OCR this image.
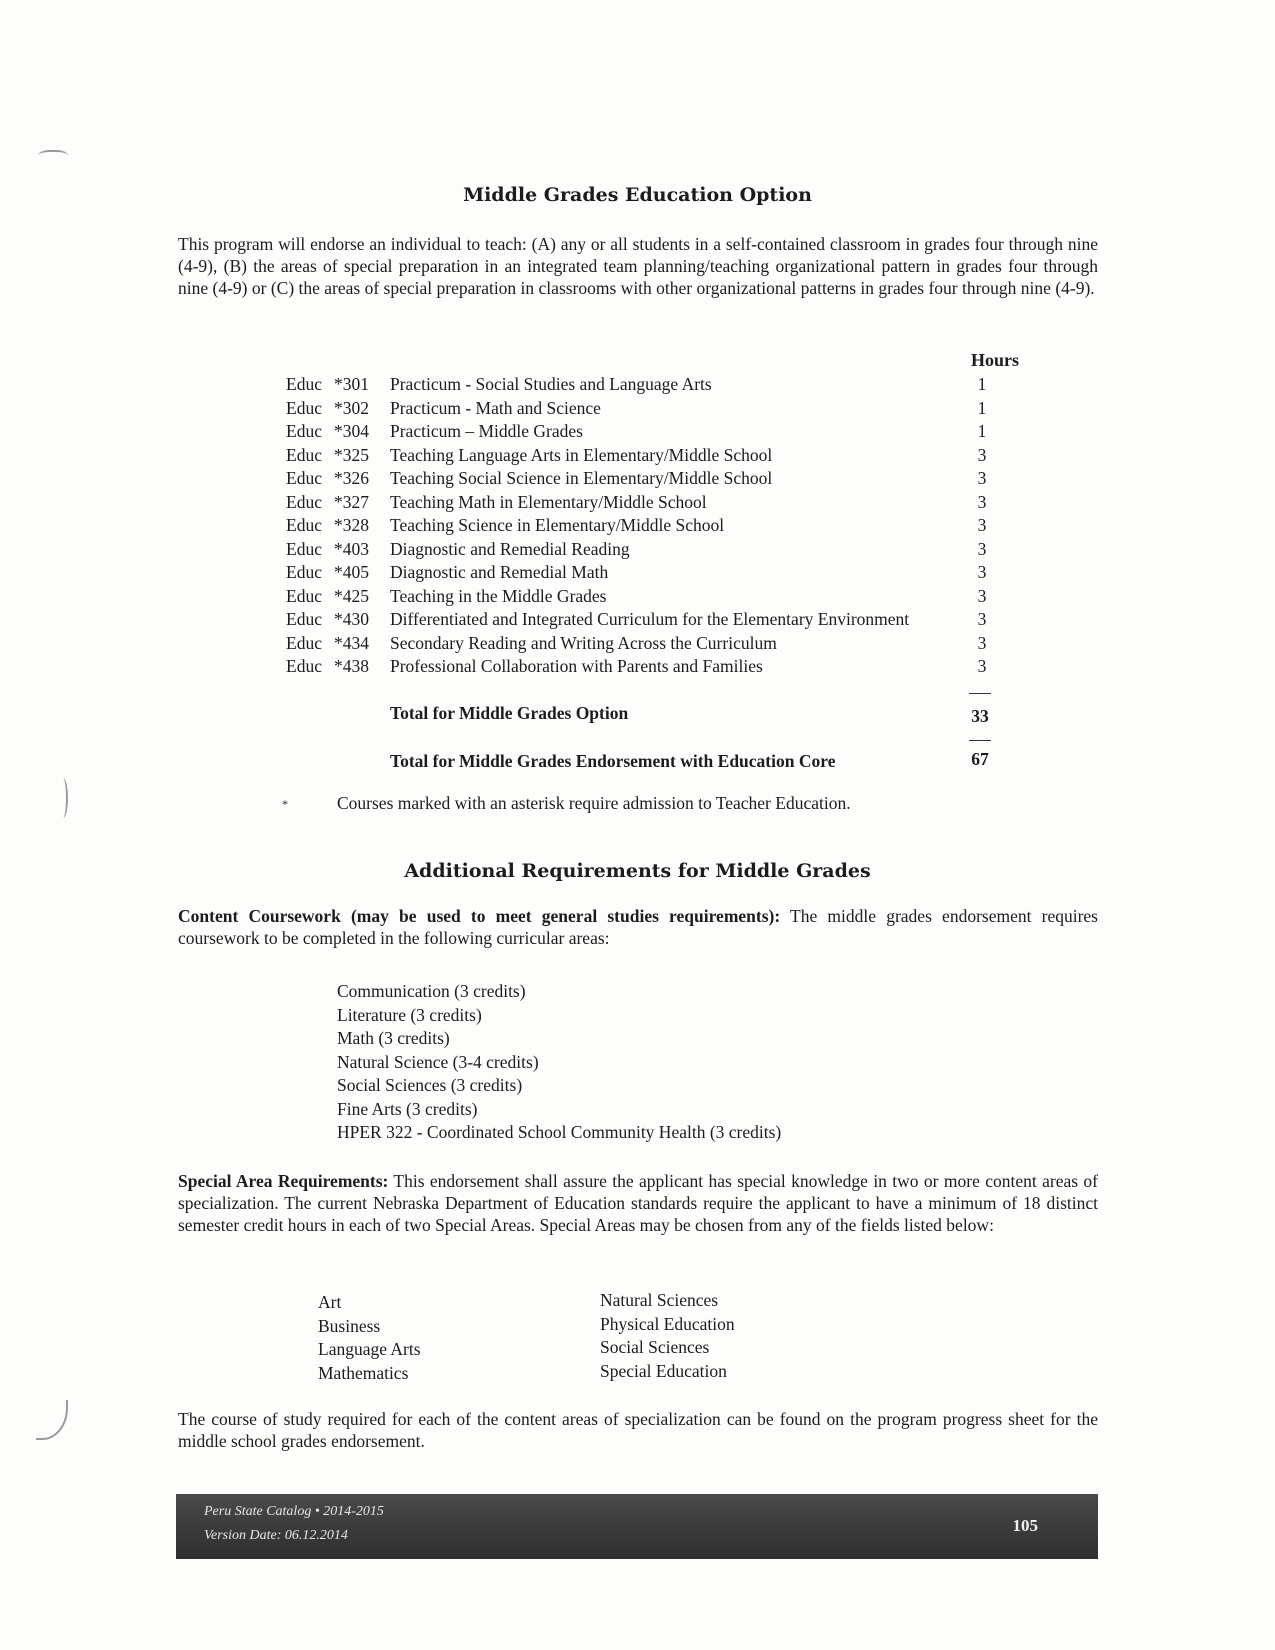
Middle Grades Education Option
This program will endorse an individual to teach: (A) any or all students in a self-contained classroom in grades four through nine (4-9), (B) the areas of special preparation in an integrated team planning/teaching organizational pattern in grades four through nine (4-9) or (C) the areas of special preparation in classrooms with other organizational patterns in grades four through nine (4-9).
Hours
Educ *301 Practicum - Social Studies and Language Arts	1
Educ *302 Practicum - Math and Science	1
Educ *304 Practicum – Middle Grades	1
Educ *325 Teaching Language Arts in Elementary/Middle School	3
Educ *326 Teaching Social Science in Elementary/Middle School	3
Educ *327 Teaching Math in Elementary/Middle School	3
Educ *328 Teaching Science in Elementary/Middle School	3
Educ *403 Diagnostic and Remedial Reading	3
Educ *405 Diagnostic and Remedial Math	3
Educ *425 Teaching in the Middle Grades	3
Educ *430 Differentiated and Integrated Curriculum for the Elementary Environment	3
Educ *434 Secondary Reading and Writing Across the Curriculum	3
Educ *438 Professional Collaboration with Parents and Families	3
Total for Middle Grades Option	33
Total for Middle Grades Endorsement with Education Core	67
*	Courses marked with an asterisk require admission to Teacher Education.
Additional Requirements for Middle Grades
Content Coursework (may be used to meet general studies requirements): The middle grades endorsement requires coursework to be completed in the following curricular areas:
Communication (3 credits)
Literature (3 credits)
Math (3 credits)
Natural Science (3-4 credits)
Social Sciences (3 credits)
Fine Arts (3 credits)
HPER 322 - Coordinated School Community Health (3 credits)
Special Area Requirements: This endorsement shall assure the applicant has special knowledge in two or more content areas of specialization. The current Nebraska Department of Education standards require the applicant to have a minimum of 18 distinct semester credit hours in each of two Special Areas. Special Areas may be chosen from any of the fields listed below:
Art
Business
Language Arts
Mathematics
Natural Sciences
Physical Education
Social Sciences
Special Education
The course of study required for each of the content areas of specialization can be found on the program progress sheet for the middle school grades endorsement.
Peru State Catalog • 2014-2015
Version Date: 06.12.2014
105
